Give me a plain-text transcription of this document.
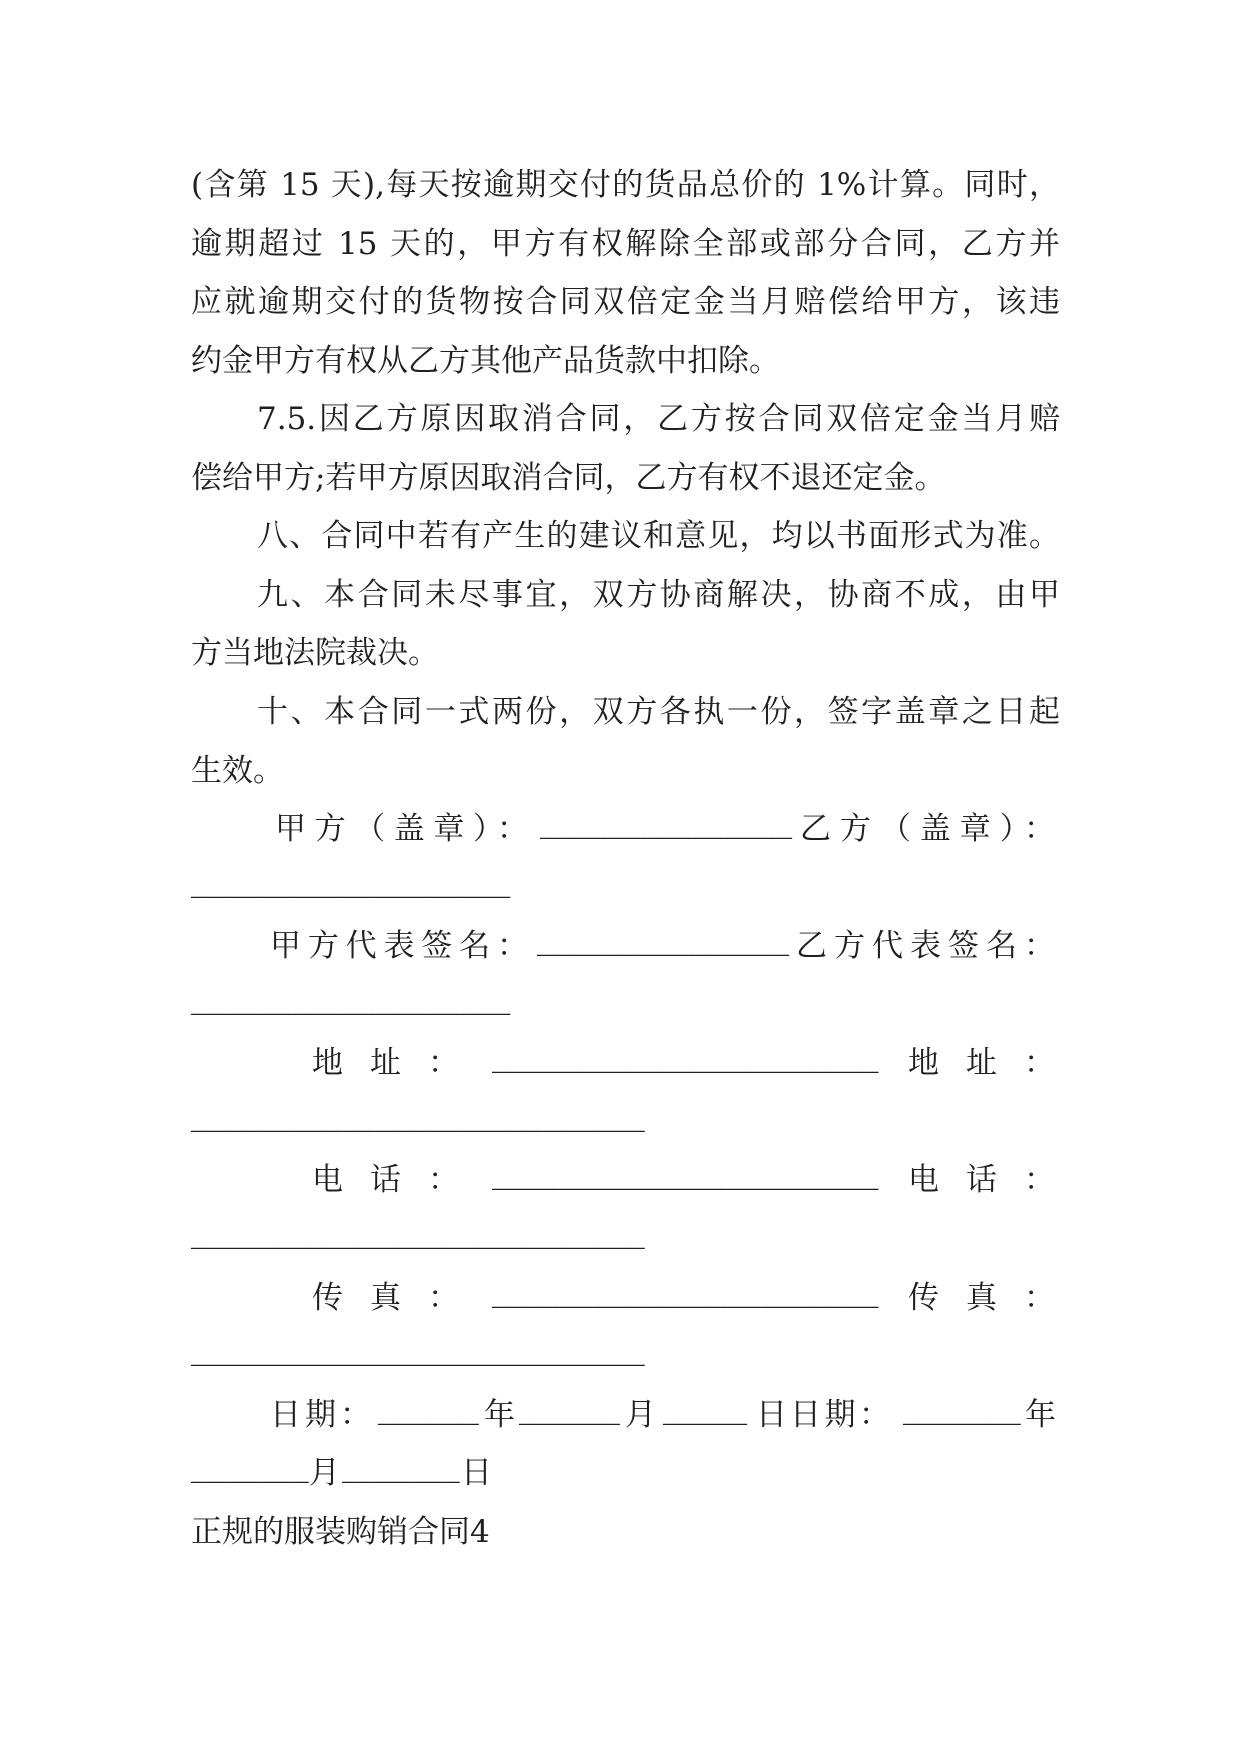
(含第 15 天),每天按逾期交付的货品总价的 1%计算。同时，
逾期超过 15 天的，甲方有权解除全部或部分合同，乙方并
应就逾期交付的货物按合同双倍定金当月赔偿给甲方，该违
约金甲方有权从乙方其他产品货款中扣除。
7.5.因乙方原因取消合同，乙方按合同双倍定金当月赔
偿给甲方;若甲方原因取消合同，乙方有权不退还定金。
八、合同中若有产生的建议和意见，均以书面形式为准。
九、本合同未尽事宜，双方协商解决，协商不成，由甲
方当地法院裁决。
十、本合同一式两份，双方各执一份，签字盖章之日起
生效。
甲方（盖章）： _______________ 乙方（盖章）：
___________________
甲方代表签名： _______________ 乙方代表签名：
___________________
地址： _______________________ 地址：
___________________________
电话： _______________________ 电话：
___________________________
传真： _______________________ 传真：
___________________________
日期： ______ 年 ______ 月 _____ 日 日期： _______ 年
_______ 月 _______ 日
正规的服装购销合同4
